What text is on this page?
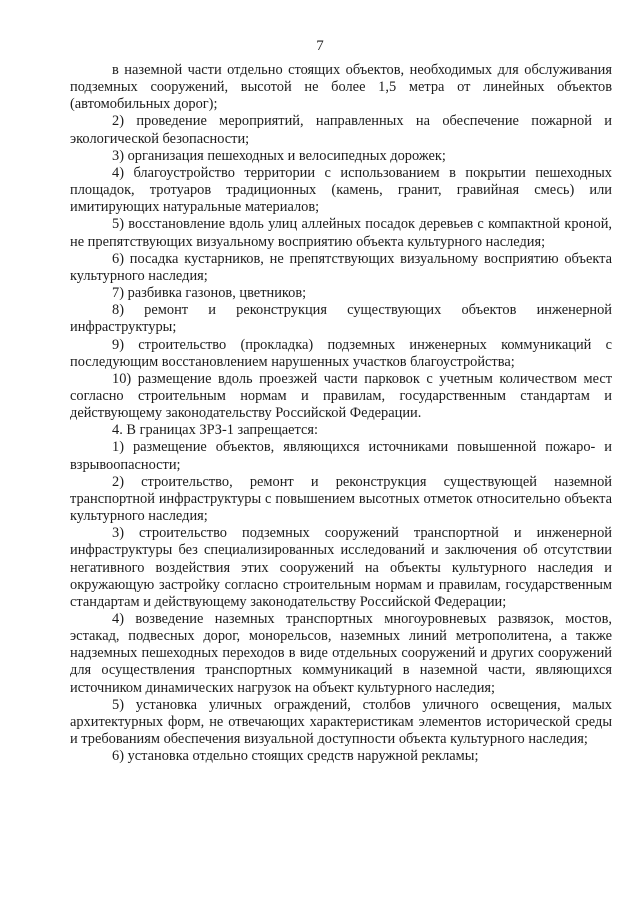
7

в наземной части отдельно стоящих объектов, необходимых для обслуживания подземных сооружений, высотой не более 1,5 метра от линейных объектов (автомобильных дорог);

2) проведение мероприятий, направленных на обеспечение пожарной и экологической безопасности;

3) организация пешеходных и велосипедных дорожек;

4) благоустройство территории с использованием в покрытии пешеходных площадок, тротуаров традиционных (камень, гранит, гравийная смесь) или имитирующих натуральные материалов;

5) восстановление вдоль улиц аллейных посадок деревьев с компактной кроной, не препятствующих визуальному восприятию объекта культурного наследия;

6) посадка кустарников, не препятствующих визуальному восприятию объекта культурного наследия;

7) разбивка газонов, цветников;

8) ремонт и реконструкция существующих объектов инженерной инфраструктуры;

9) строительство (прокладка) подземных инженерных коммуникаций с последующим восстановлением нарушенных участков благоустройства;

10) размещение вдоль проезжей части парковок с учетным количеством мест согласно строительным нормам и правилам, государственным стандартам и действующему законодательству Российской Федерации.

4. В границах ЗРЗ-1 запрещается:

1) размещение объектов, являющихся источниками повышенной пожаро- и взрывоопасности;

2) строительство, ремонт и реконструкция существующей наземной транспортной инфраструктуры с повышением высотных отметок относительно объекта культурного наследия;

3) строительство подземных сооружений транспортной и инженерной инфраструктуры без специализированных исследований и заключения об отсутствии негативного воздействия этих сооружений на объекты культурного наследия и окружающую застройку согласно строительным нормам и правилам, государственным стандартам и действующему законодательству Российской Федерации;

4) возведение наземных транспортных многоуровневых развязок, мостов, эстакад, подвесных дорог, монорельсов, наземных линий метрополитена, а также надземных пешеходных переходов в виде отдельных сооружений и других сооружений для осуществления транспортных коммуникаций в наземной части, являющихся источником динамических нагрузок на объект культурного наследия;

5) установка уличных ограждений, столбов уличного освещения, малых архитектурных форм, не отвечающих характеристикам элементов исторической среды и требованиям обеспечения визуальной доступности объекта культурного наследия;

6) установка отдельно стоящих средств наружной рекламы;
